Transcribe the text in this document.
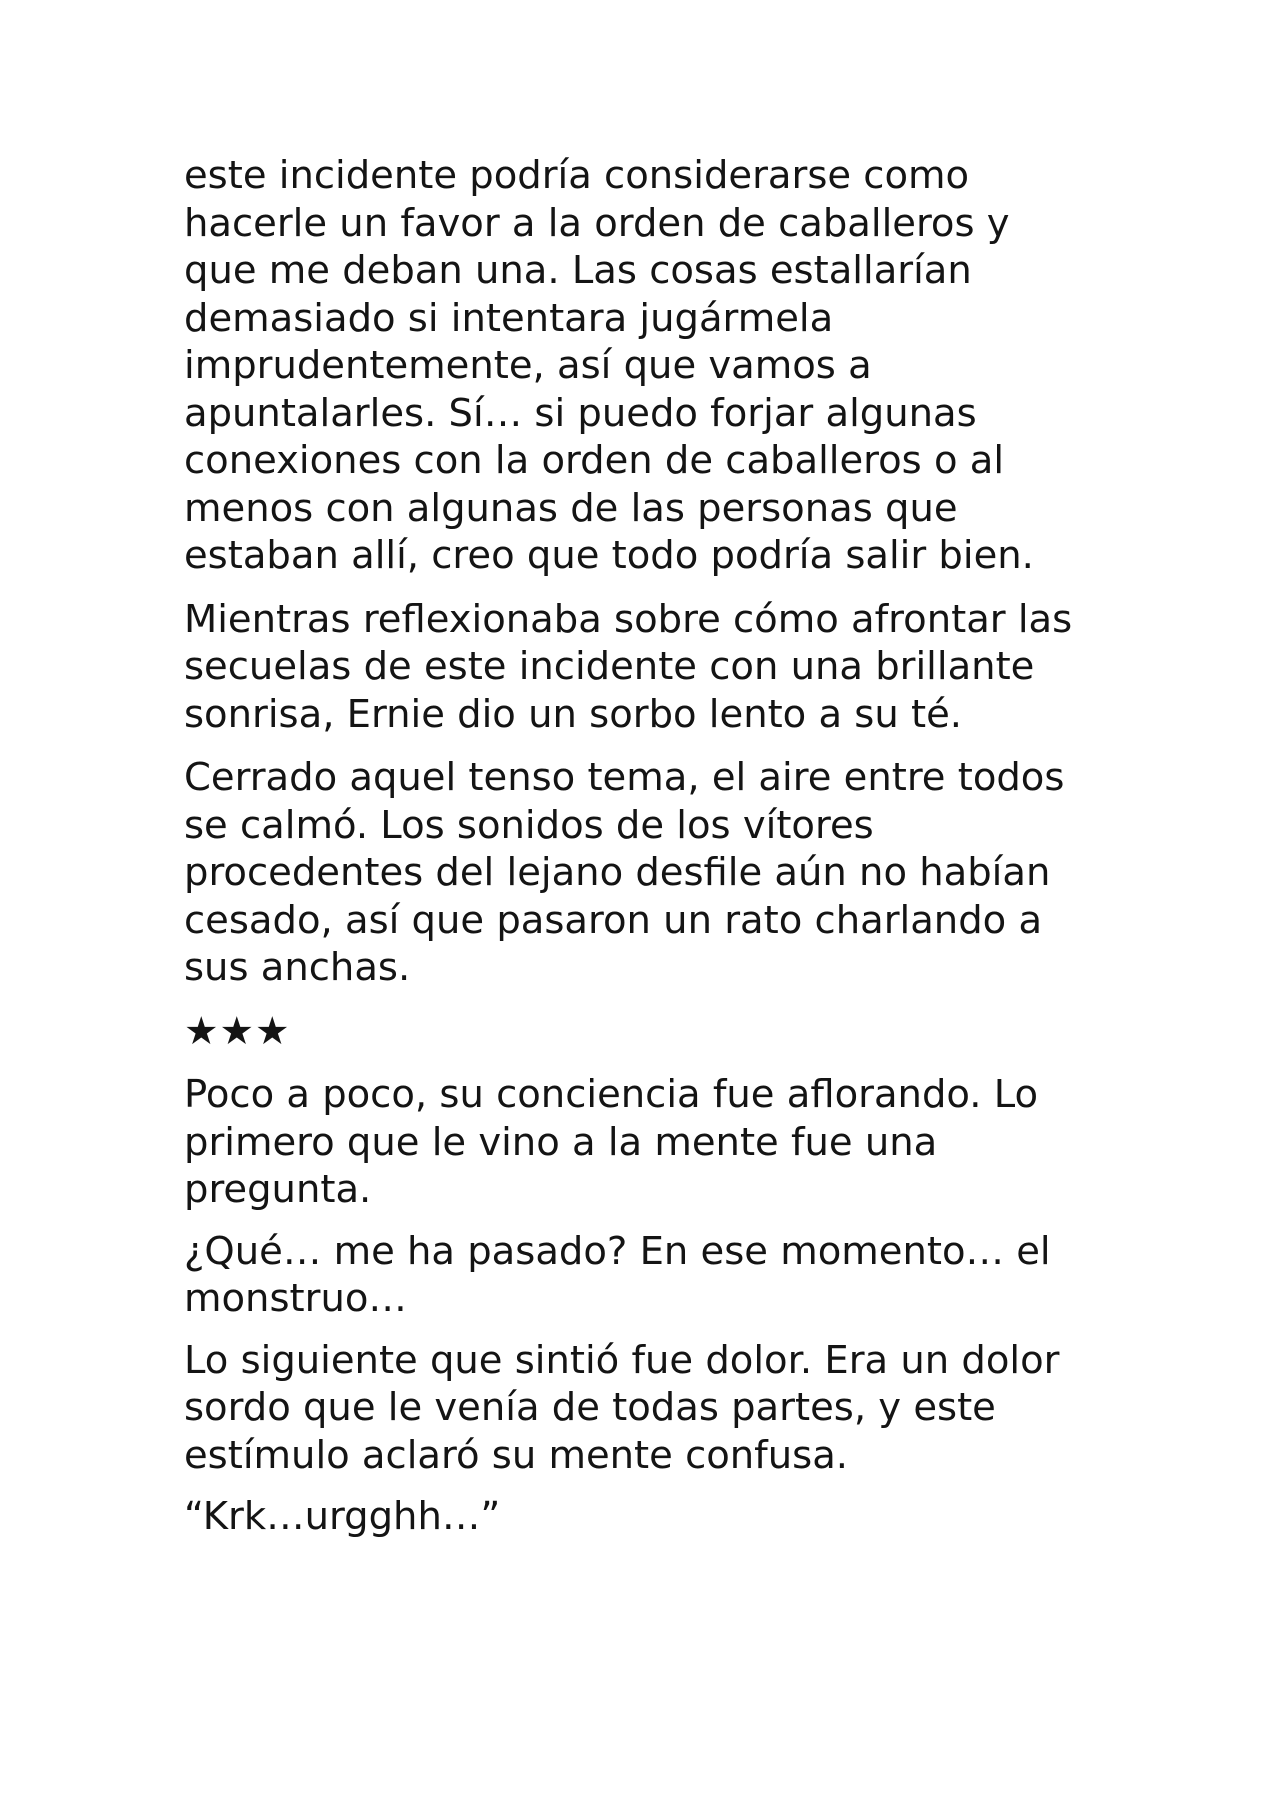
este incidente podría considerarse como
hacerle un favor a la orden de caballeros y
que me deban una. Las cosas estallarían
demasiado si intentara jugármela
imprudentemente, así que vamos a
apuntalarles. Sí… si puedo forjar algunas
conexiones con la orden de caballeros o al
menos con algunas de las personas que
estaban allí, creo que todo podría salir bien.

Mientras reflexionaba sobre cómo afrontar las
secuelas de este incidente con una brillante
sonrisa, Ernie dio un sorbo lento a su té.

Cerrado aquel tenso tema, el aire entre todos
se calmó. Los sonidos de los vítores
procedentes del lejano desfile aún no habían
cesado, así que pasaron un rato charlando a
sus anchas.

★★★

Poco a poco, su conciencia fue aflorando. Lo
primero que le vino a la mente fue una
pregunta.

¿Qué… me ha pasado? En ese momento… el
monstruo…

Lo siguiente que sintió fue dolor. Era un dolor
sordo que le venía de todas partes, y este
estímulo aclaró su mente confusa.

“Krk…urgghh…”
